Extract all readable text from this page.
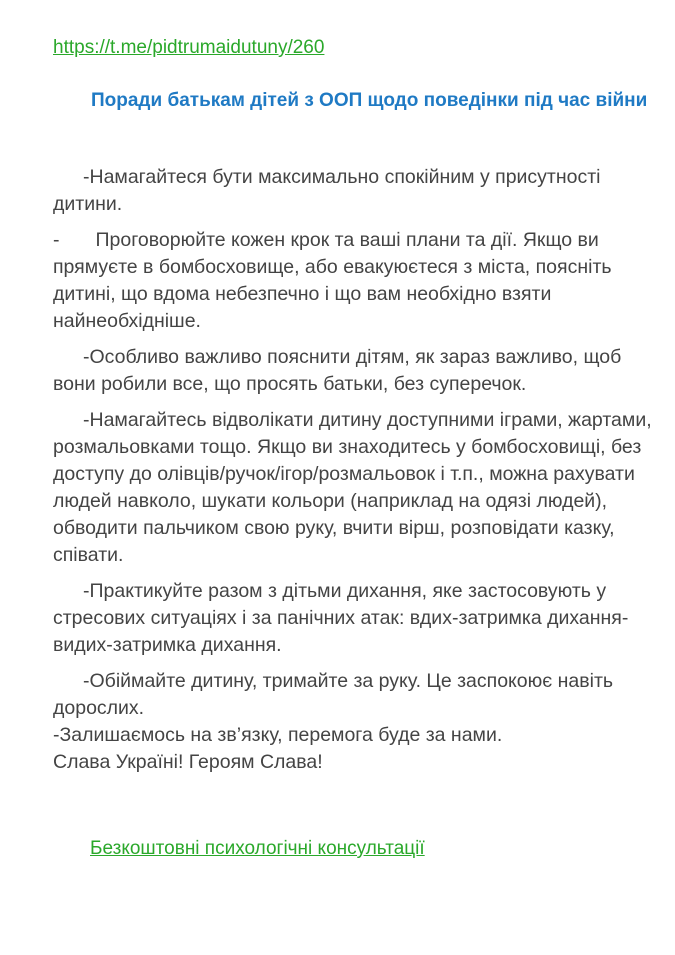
https://t.me/pidtrumaidutuny/260
Поради батькам дітей з ООП щодо поведінки під час війни

-Намагайтеся бути максимально спокійним у присутності дитини.

- Проговорюйте кожен крок та ваші плани та дії. Якщо ви прямуєте в бомбосховище, або евакуюєтеся з міста, поясніть дитині, що вдома небезпечно і що вам необхідно взяти найнеобхідніше.

-Особливо важливо пояснити дітям, як зараз важливо, щоб вони робили все, що просять батьки, без суперечок.

-Намагайтесь відволікати дитину доступними іграми, жартами, розмальовками тощо. Якщо ви знаходитесь у бомбосховищі, без доступу до олівців/ручок/ігор/розмальовок і т.п., можна рахувати людей навколо, шукати кольори (наприклад на одязі людей), обводити пальчиком свою руку, вчити вірш, розповідати казку, співати.

-Практикуйте разом з дітьми дихання, яке застосовують у стресових ситуаціях і за панічних атак: вдих-затримка дихання-видих-затримка дихання.

-Обіймайте дитину, тримайте за руку. Це заспокоює навіть дорослих.

-Залишаємось на зв’язку, перемога буде за нами.

Слава Україні! Героям Слава!

Безкоштовні психологічні консультації
